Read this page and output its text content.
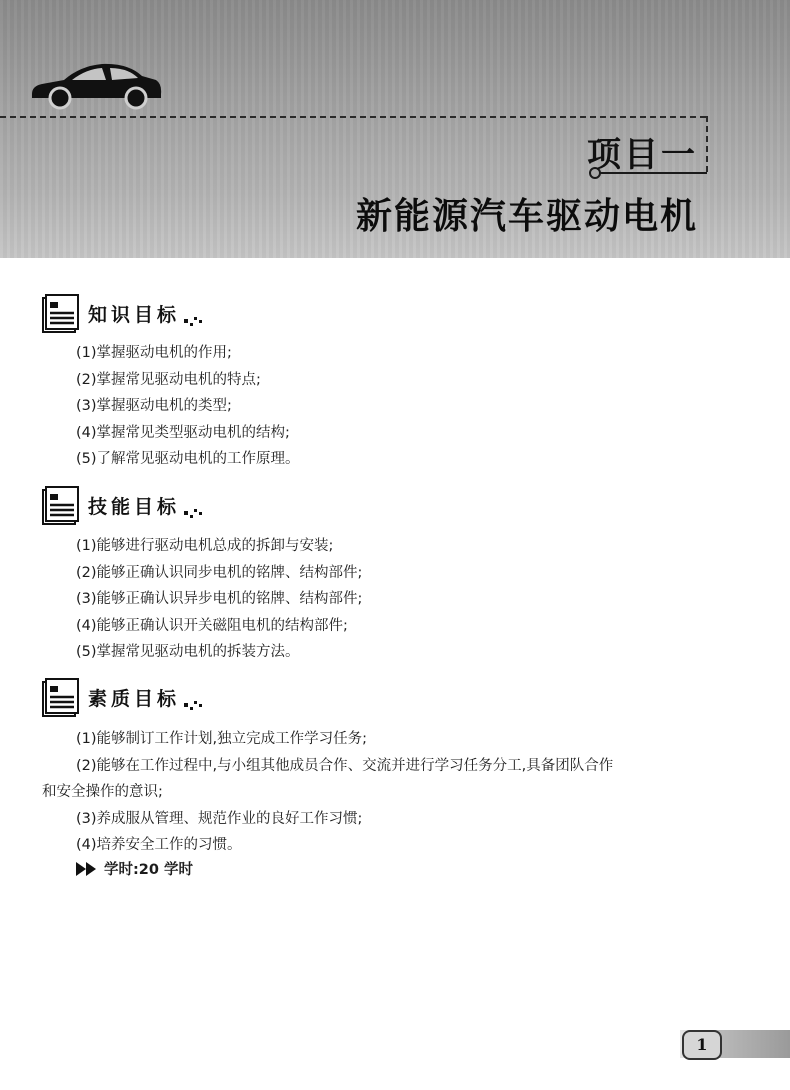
项目一
新能源汽车驱动电机
知识目标
(1)掌握驱动电机的作用;
(2)掌握常见驱动电机的特点;
(3)掌握驱动电机的类型;
(4)掌握常见类型驱动电机的结构;
(5)了解常见驱动电机的工作原理。
技能目标
(1)能够进行驱动电机总成的拆卸与安装;
(2)能够正确认识同步电机的铭牌、结构部件;
(3)能够正确认识异步电机的铭牌、结构部件;
(4)能够正确认识开关磁阻电机的结构部件;
(5)掌握常见驱动电机的拆装方法。
素质目标
(1)能够制订工作计划,独立完成工作学习任务;
(2)能够在工作过程中,与小组其他成员合作、交流并进行学习任务分工,具备团队合作
和安全操作的意识;
(3)养成服从管理、规范作业的良好工作习惯;
(4)培养安全工作的习惯。
学时:20 学时
1
